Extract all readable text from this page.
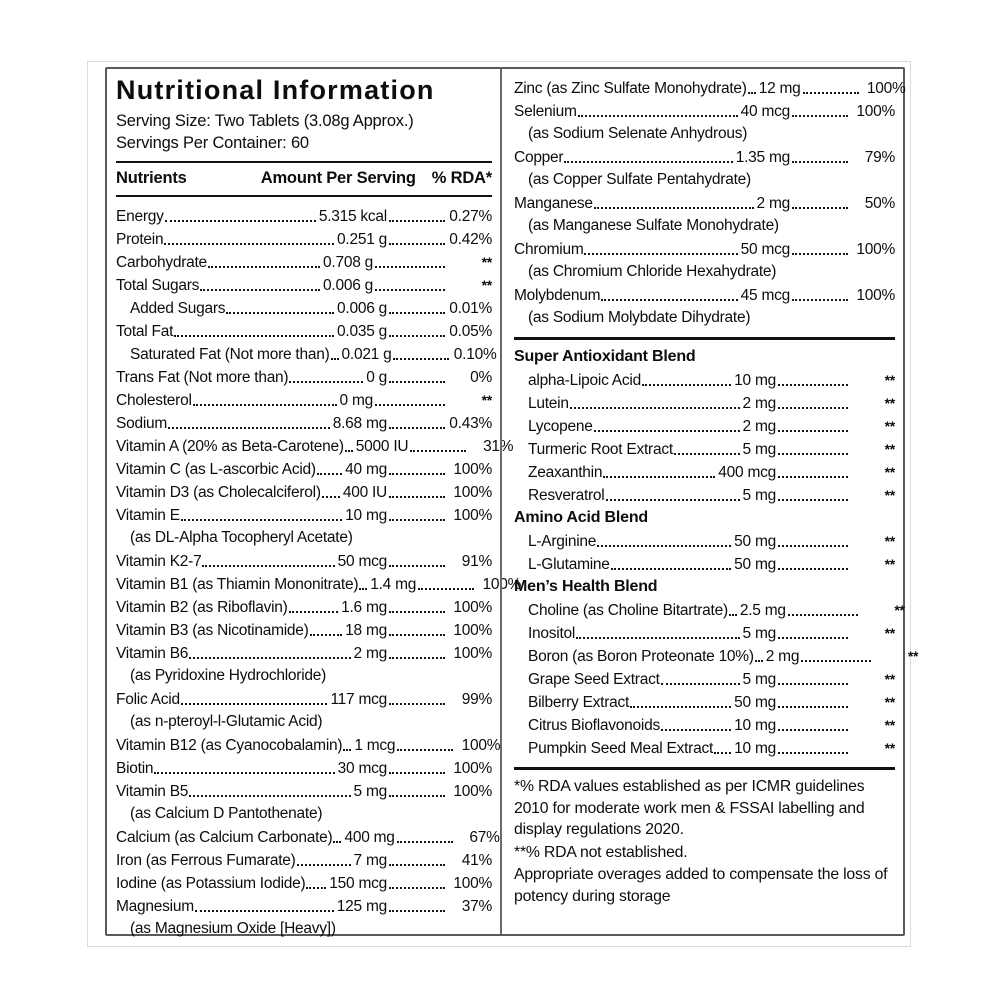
Nutritional Information
Serving Size: Two Tablets (3.08g Approx.)
Servings Per Container: 60
Nutrients	Amount Per Serving % RDA*
Energy	5.315 kcal	0.27%
Protein	0.251 g	0.42%
Carbohydrate	0.708 g	**
Total Sugars	0.006 g	**
Added Sugars	0.006 g	0.01%
Total Fat	0.035 g	0.05%
Saturated Fat (Not more than) 0.021 g	0.10%
Trans Fat (Not more than)	0 g	0%
Cholesterol	0 mg	**
Sodium	8.68 mg	0.43%
Vitamin A (20% as Beta-Carotene) 5000 IU	31%
Vitamin C (as L-ascorbic Acid) 40 mg	100%
Vitamin D3 (as Cholecalciferol) 400 IU	100%
Vitamin E	10 mg	100%
(as DL-Alpha Tocopheryl Acetate)
Vitamin K2-7	50 mcg	91%
Vitamin B1 (as Thiamin Mononitrate) 1.4 mg	100%
Vitamin B2 (as Riboflavin)	1.6 mg	100%
Vitamin B3 (as Nicotinamide) 18 mg	100%
Vitamin B6	2 mg	100%
(as Pyridoxine Hydrochloride)
Folic Acid	117 mcg	99%
(as n-pteroyl-l-Glutamic Acid)
Vitamin B12 (as Cyanocobalamin) 1 mcg	100%
Biotin	30 mcg	100%
Vitamin B5	5 mg	100%
(as Calcium D Pantothenate)
Calcium (as Calcium Carbonate) 400 mg	67%
Iron (as Ferrous Fumarate)	7 mg	41%
Iodine (as Potassium Iodide) 150 mcg	100%
Magnesium	125 mg	37%
(as Magnesium Oxide [Heavy])
Zinc (as Zinc Sulfate Monohydrate) 12 mg	100%
Selenium	40 mcg	100%
(as Sodium Selenate Anhydrous)
Copper	1.35 mg	79%
(as Copper Sulfate Pentahydrate)
Manganese	2 mg	50%
(as Manganese Sulfate Monohydrate)
Chromium	50 mcg	100%
(as Chromium Chloride Hexahydrate)
Molybdenum	45 mcg	100%
(as Sodium Molybdate Dihydrate)
Super Antioxidant Blend
alpha-Lipoic Acid	10 mg	**
Lutein	2 mg	**
Lycopene	2 mg	**
Turmeric Root Extract	5 mg	**
Zeaxanthin	400 mcg	**
Resveratrol	5 mg	**
Amino Acid Blend
L-Arginine	50 mg	**
L-Glutamine	50 mg	**
Men’s Health Blend
Choline (as Choline Bitartrate) 2.5 mg	**
Inositol	5 mg	**
Boron (as Boron Proteonate 10%) 2 mg	**
Grape Seed Extract	5 mg	**
Bilberry Extract	50 mg	**
Citrus Bioflavonoids	10 mg	**
Pumpkin Seed Meal Extract 10 mg	**

*% RDA values established as per ICMR guidelines 2010 for moderate work men & FSSAI labelling and display regulations 2020.

**% RDA not established.

Appropriate overages added to compensate the loss of potency during storage
